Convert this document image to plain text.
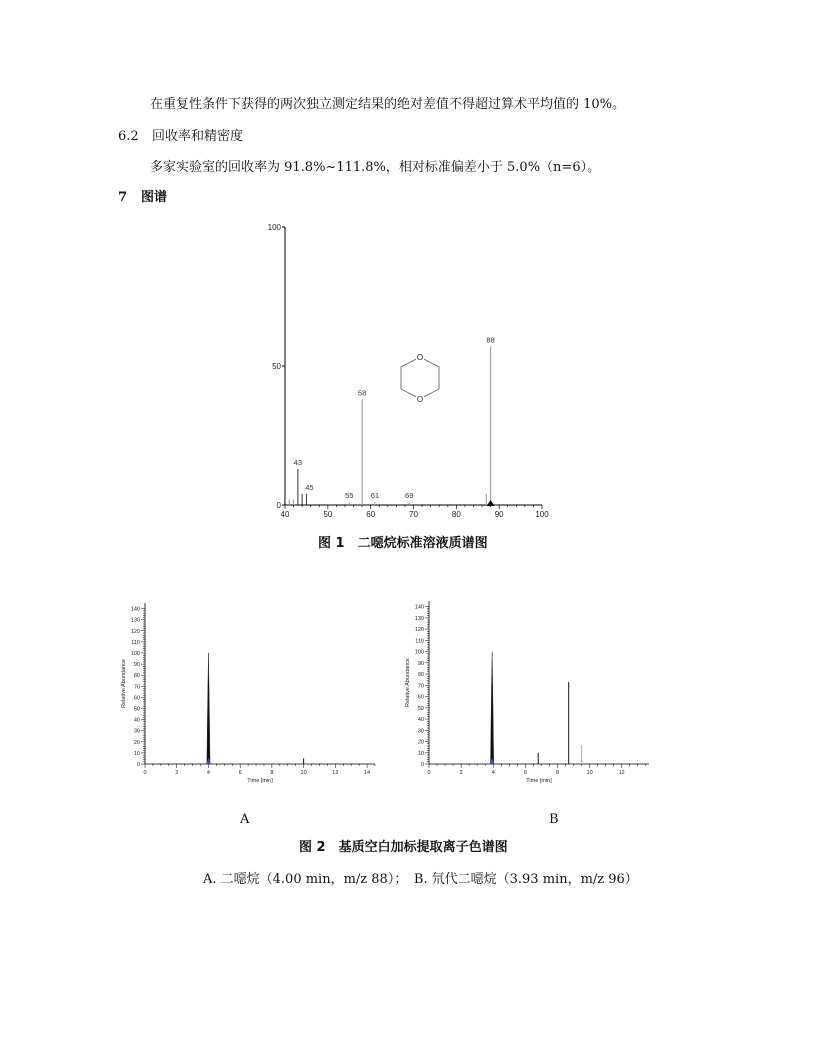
在重复性条件下获得的两次独立测定结果的绝对差值不得超过算术平均值的 10%。
6.2 回收率和精密度
多家实验室的回收率为 91.8%~111.8%，相对标准偏差小于 5.0%（n=6）。
7 图谱
0
50
100
40	50	60	70	80	90	100
43
45
55
58
61	69
88
O
O
图 1　二噁烷标准溶液质谱图
0
10
20
30
40
50
60
70
80
90
100
110
120
130
140
0	2	4	6	8	10	12	14
Time [min]
Relative Abundance
0
10
20
30
40
50
60
70
80
90
100
110
120
130
140
0	2	4	6	8	10	12
Time [min]
Relative Abundance
A	B
图 2　基质空白加标提取离子色谱图
A. 二噁烷（4.00 min，m/z 88）；　B. 氘代二噁烷（3.93 min，m/z 96）
